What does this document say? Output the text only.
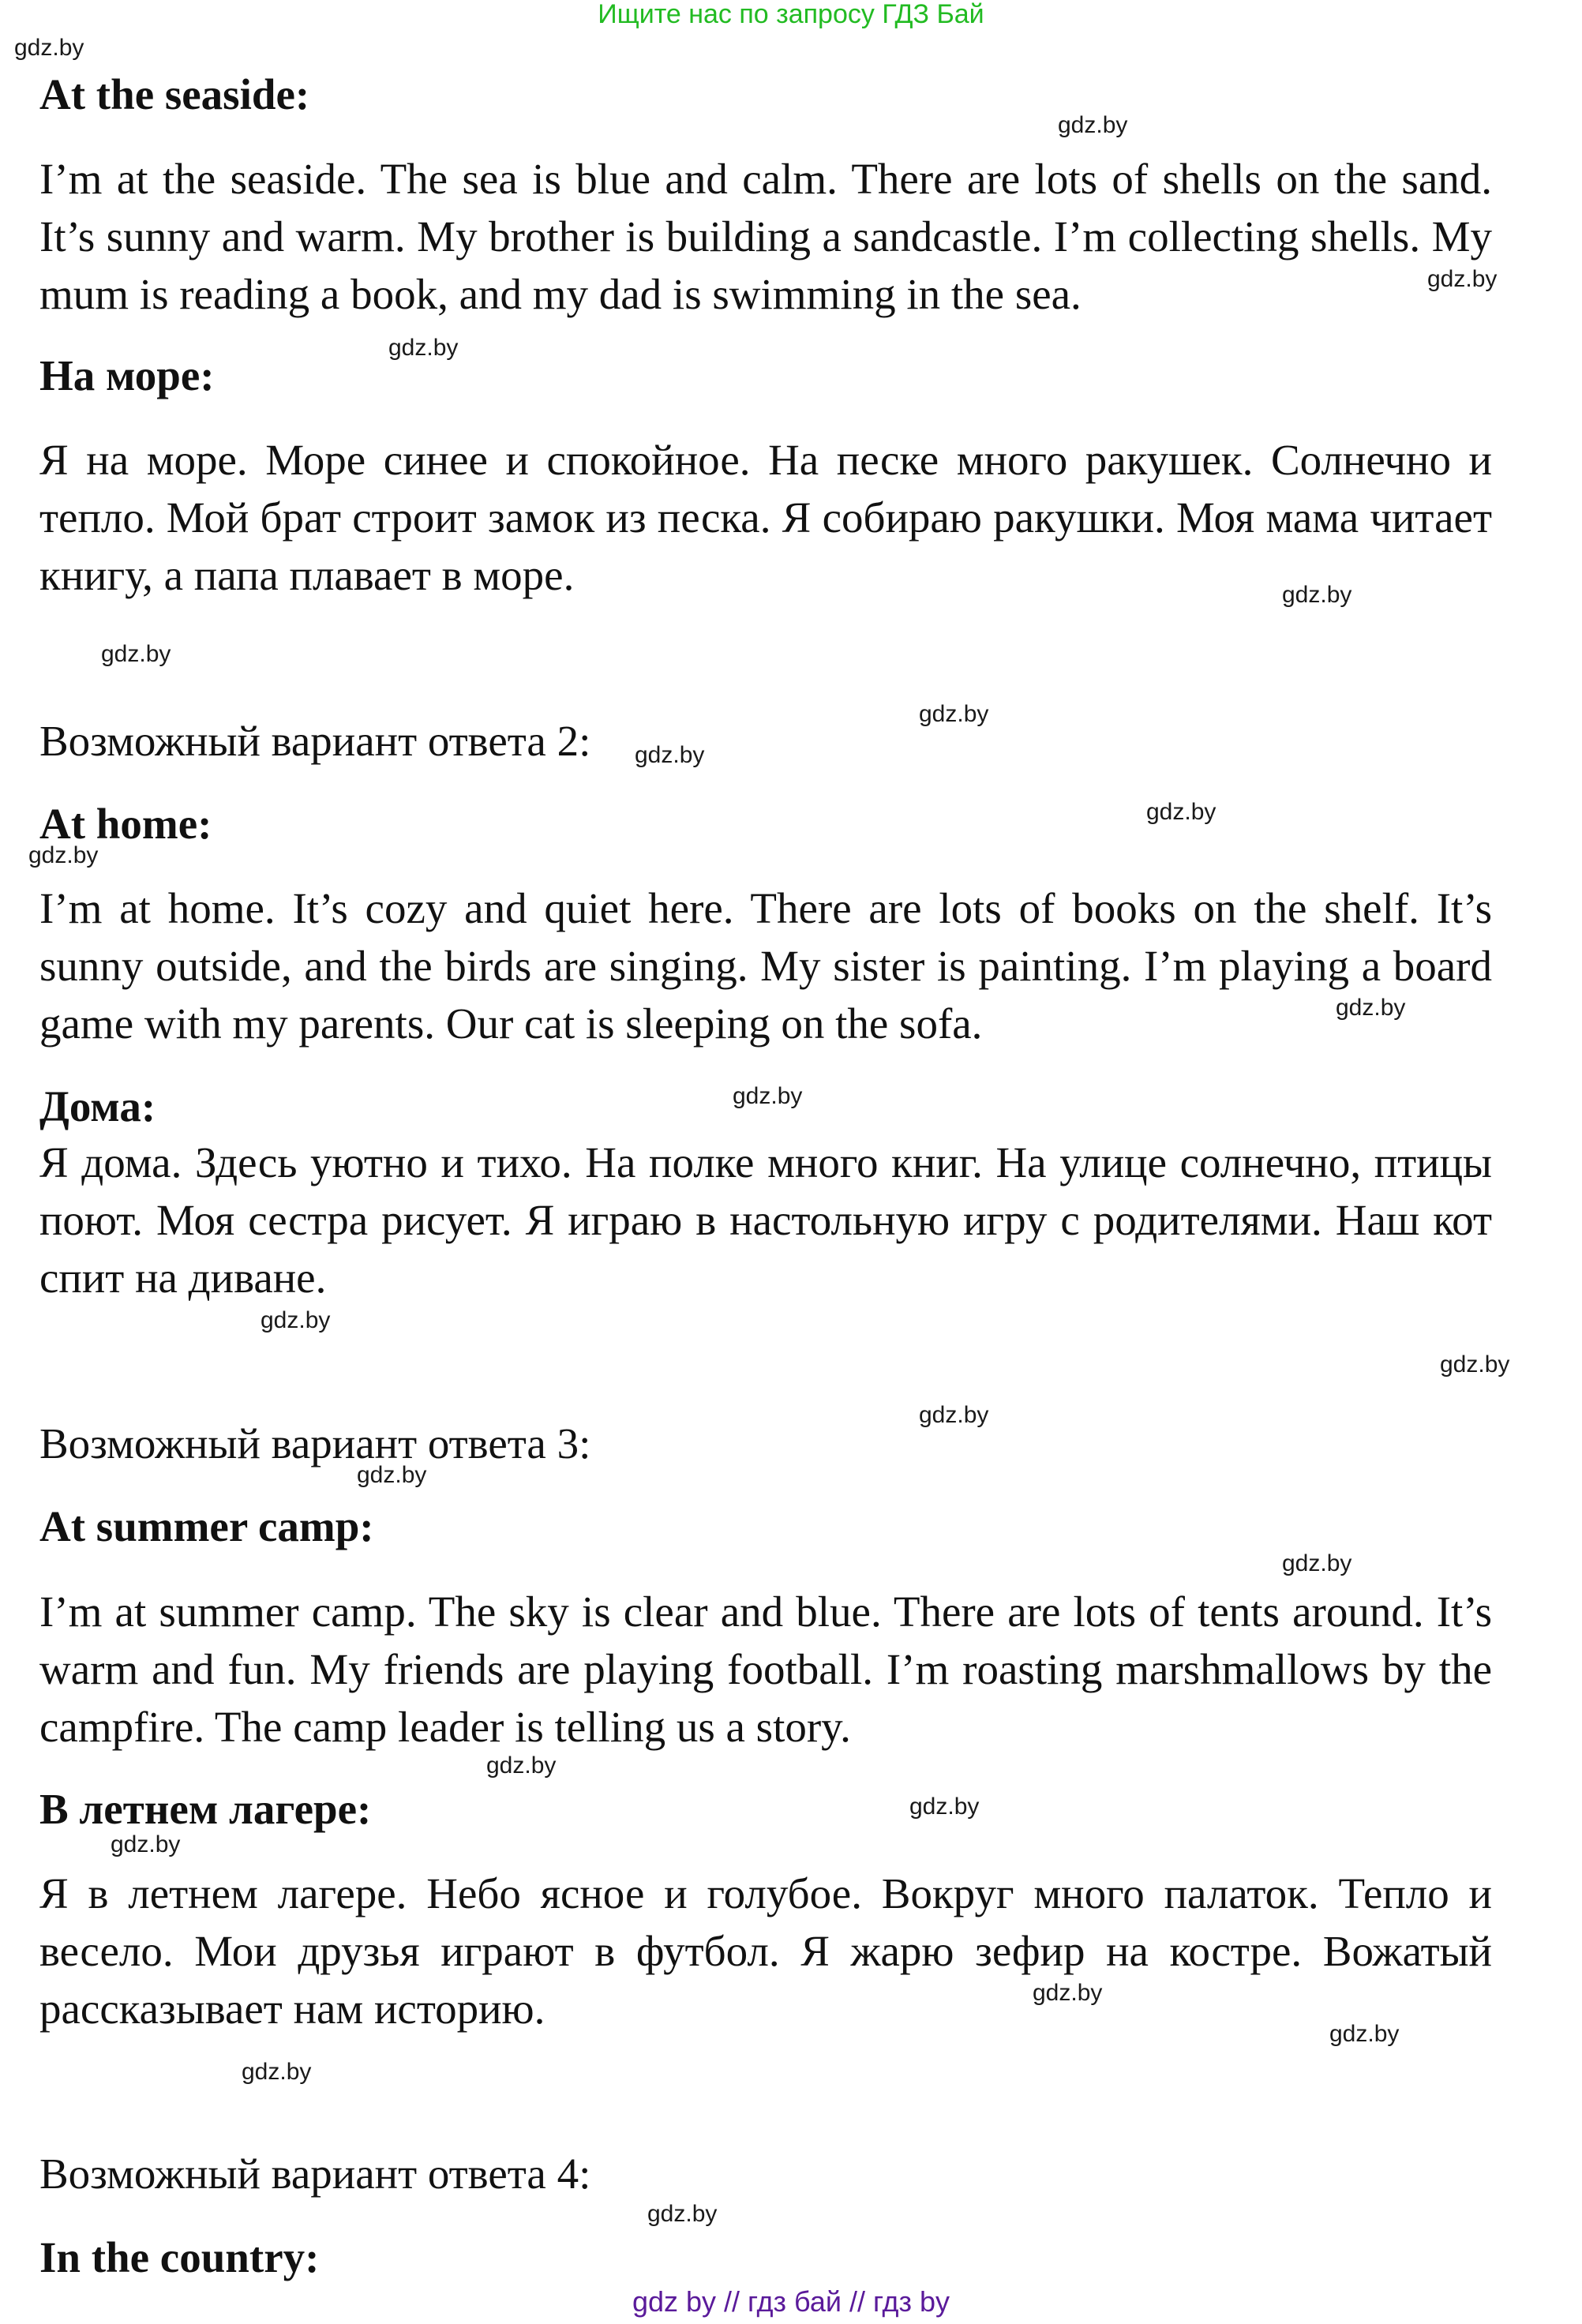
Ищите нас по запросу ГДЗ Бай
At the seaside:
I’m at the seaside. The sea is blue and calm. There are lots of shells on the sand. It’s sunny and warm. My brother is building a sandcastle. I’m collecting shells. My mum is reading a book, and my dad is swimming in the sea.
На море:
Я на море. Море синее и спокойное. На песке много ракушек. Солнечно и тепло. Мой брат строит замок из песка. Я собираю ракушки. Моя мама читает книгу, а папа плавает в море.
Возможный вариант ответа 2:
At home:
I’m at home. It’s cozy and quiet here. There are lots of books on the shelf. It’s sunny outside, and the birds are singing. My sister is painting. I’m playing a board game with my parents. Our cat is sleeping on the sofa.
Дома:
Я дома. Здесь уютно и тихо. На полке много книг. На улице солнечно, птицы поют. Моя сестра рисует. Я играю в настольную игру с родителями. Наш кот спит на диване.
Возможный вариант ответа 3:
At summer camp:
I’m at summer camp. The sky is clear and blue. There are lots of tents around. It’s warm and fun. My friends are playing football. I’m roasting marshmallows by the campfire. The camp leader is telling us a story.
В летнем лагере:
Я в летнем лагере. Небо ясное и голубое. Вокруг много палаток. Тепло и весело. Мои друзья играют в футбол. Я жарю зефир на костре. Вожатый рассказывает нам историю.
Возможный вариант ответа 4:
In the country:
gdz.by
gdz.by
gdz.by
gdz.by
gdz.by
gdz.by
gdz.by
gdz.by
gdz.by
gdz.by
gdz.by
gdz.by
gdz.by
gdz.by
gdz.by
gdz.by
gdz.by
gdz.by
gdz.by
gdz.by
gdz.by
gdz.by
gdz.by
gdz.by
gdz by // гдз бай // гдз by
